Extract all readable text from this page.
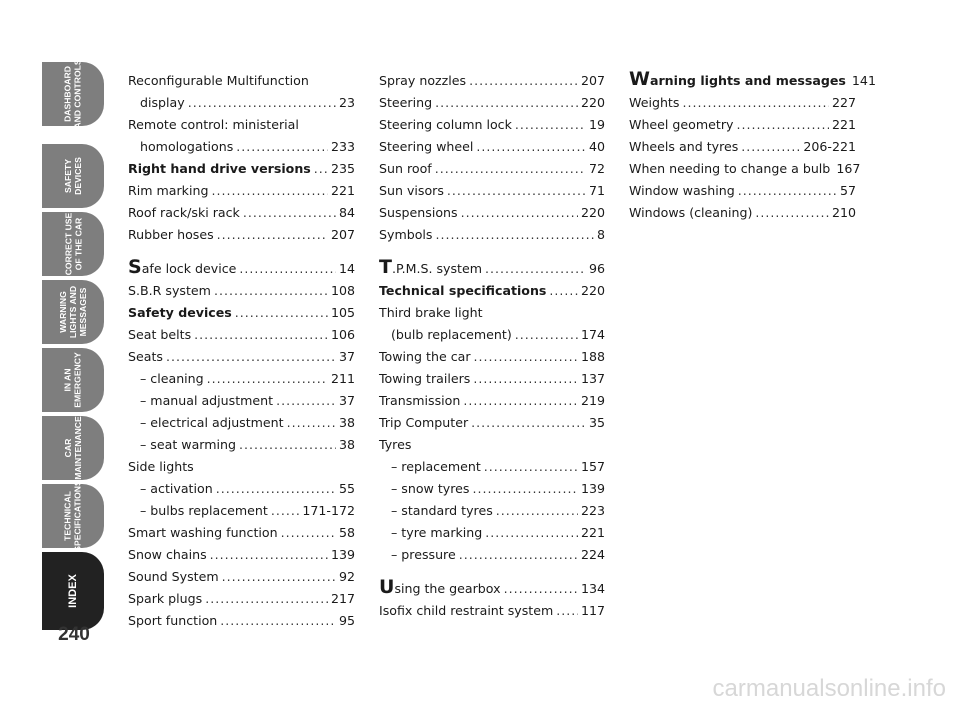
DASHBOARD
AND CONTROLS
SAFETY
DEVICES
CORRECT USE
OF THE CAR
WARNING
LIGHTS AND
MESSAGES
IN AN
EMERGENCY
CAR
MAINTENANCE
TECHNICAL
SPECIFICATIONS
INDEX
240
Reconfigurable Multifunction
display .....	23
Remote control: ministerial
homologations .....	233
Right hand drive versions ..... 235
Rim marking .....	221
Roof rack/ski rack .....	84
Rubber hoses .....	207
Safe lock device .....	14
S.B.R system .....	108
Safety devices .....	105
Seat belts .....	106
Seats .....	37
– cleaning .....	211
– manual adjustment .....	37
– electrical adjustment .....	38
– seat warming .....	38
Side lights
– activation .....	55
– bulbs replacement .....	171-172
Smart washing function .....	58
Snow chains .....	139
Sound System .....	92
Spark plugs .....	217
Sport function .....	95
Spray nozzles .....	207
Steering .....	220
Steering column lock .....	19
Steering wheel .....	40
Sun roof .....	72
Sun visors .....	71
Suspensions .....	220
Symbols .....	8
T.P.M.S. system .....	96
Technical specifications .....	220
Third brake light
(bulb replacement) .....	174
Towing the car .....	188
Towing trailers .....	137
Transmission .....	219
Trip Computer .....	35
Tyres
– replacement .....	157
– snow tyres .....	139
– standard tyres .....	223
– tyre marking .....	221
– pressure .....	224
Using the gearbox .....	134
Isofix child restraint system ..... 117
Warning lights and messages 141
Weights .....	227
Wheel geometry .....	221
Wheels and tyres .....	206-221
When needing to change a bulb 167
Window washing .....	57
Windows (cleaning) .....	210
carmanualsonline.info
